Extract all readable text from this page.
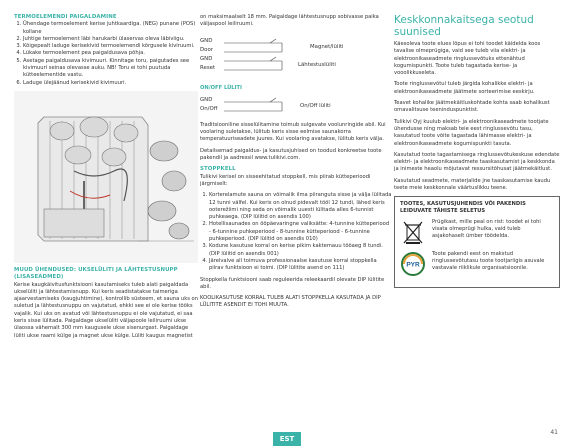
TERMOELEMENDI PAIGALDAMINE
1. Ühendage termoelement kerise juhtkaardiga. (NEG) punane (POS) kollane
2. Juhtige termoelement läbi harukarbi ülaservas oleva läbiviigu.
3. Kõigepealt laduge kerisekivid termoelemendi kõrgusele kiviruumi.
4. Lükake termoelement pea paigaldusava põhja.
5. Asetage paigaldusava kivimuuri. Kinnitage toru, paigutades see kivimuuri seinas olevasse auku. NB! Toru ei tohi puutuda kütteelementide vastu.
6. Laduge ülejäänud kerisekivid kivimuuri.
MUUD ÜHENDUSED: UKSELÜLITI JA LÄHTESTUSNUPP (LISASEADMED)

Kerise kaugkäivitusfunktsiooni kasutamiseks tuleb alati paigaldada ukselüliti ja lähtestamisnupp. Kui keris seadistatakse taimeriga ajaarvestamiseks (kaugjuhtimine), kontrollib süsteem, et sauna uks on suletud ja lähtestusnuppu on vajutatud, ehkki see ei ole kerise tööks vajalik. Kui uks on avatud või lähtestusnuppu ei ole vajutatud, ei saa keris sisse lülitada. Paigaldage ukselüliti väljapoole leiliruumi ukse ülaossa vähemalt 300 mm kaugusele ukse sisenurgast. Paigaldage lüliti ukse raami külge ja magnet ukse külge. Lüliti kaugus magnetist

on maksimaalselt 18 mm. Paigaldage lähtestusnupp sobivasse paika väljaspool leiliruumi.

GND
Door
GND
Reset
Magnet/lüliti
Lähtestuslüliti
ON/OFF LÜLITI
GND
On/Off	On/Off lüliti

Traditsiooniline sisselülitamine toimub sulgevate voolunringide abil. Kui voolaring suletakse, lülitub keris sisse eelmise saunakorra temperatuuriseadete juures. Kui voolaring avatakse, lülitub keris välja.

Detailsemad paigaldus- ja kasutusjuhised on toodud konkreetse toote pakendil ja aadressil www.tulikivi.com.

STOPPKELL

Tulikivi kerisel on sisseehitatud stoppkell, mis piirab kütteperioodi järgmiselt:

1. Korterelamute sauna on võimalik ilma piiranguta sisse ja välja lülitada 12 tunni välfel. Kui keris on olnud pidevalt tööl 12 tundi, lähed keris ooterežiimi ning seda on võimalik uuesti lülitada alles 6-tunnist puhkeaega. (DIP lülitid on asendis 100)
2. Hotellisaunades on ööpäevaringne valiksätte: 4-tunnine kütteperiood - 6-tunnine puhkeperiood - 8-tunnine kütteperiood - 6-tunnine puhkeperiood. (DIP lülitid on asendis 010)
3. Kodune kasutuse korral on kerise pikim kaktemauu tööaeg 8 tundi. (DIP lülitid on asendis 001)
4. Järelvalve all toimuva professionaalse kasutuse korral stoppkella piirav funktsioon ei toimi. (DIP lülitite asend on 111)

Stoppkella funktsiooni saab reguleerida releekaardil olevate DIP lülitite abil.

KOOLIKASUTUSE KORRAL TULEB ALATI STOPPKELLA KASUTADA JA DIP LÜLITITE ASENDIT EI TOHI MUUTA.

Keskkonnakaitsega seotud suunised

Käesoleva toote elues lõpus ei tohi toodet käidelda koos tavalise olmeprügiga, vaid see tuleb viia elektri- ja elektroonikaseadmete ringlussevõtuks ettenähtud kogumispunkti. Toote tuleb tagastada kerise- ja vooolikkuseleta.

Toote ringlussevõtul tuleb järgida kohalikke elektri- ja elektroonikaseadmete jäätmete sorteerimise eeskirju.

Teavet kohalike jäätmekäitluskohtade kohta saab kohalikust omavalitsuse teeninduspunktist.

Tulikivi Oyj kuulub elektri- ja elektroonikaseadmete tootjate ühendusse ning maksab teie eest ringlussevõtu tasu, kasutatud toote võite tagastada lähimasse elektri- ja elektroonikaseadmete kogumispunkti tasuta.

Kasutatud toote tagastamisega ringlussevõtukeskuse edendate elektri- ja elektroonikaseadmete taaskasutamist ja keskkonda ja inimeste heaolu mõjutavat ressursitõhusat jäätmekäitlust.

Kasutatud seadmete, materjalide jne taaskasutamise kaudu teete meie keskkonnale väärtuslikku teene.

TOOTES, KASUTUSJUHENDIS VÕI PAKENDIS LEIDUVATE TÄHISTE SELETUS
Prügikast, mille peal on rist: toodet ei tohi visata olmeprügi hulka, vaid tuleb asjakohaselt ümber töödelda.
PYR
Toote pakendi eest on makstud ringlussevõtutasu toote tootjariigis asuvale vastavale riiklikule organisatsioonile.
41
EST
